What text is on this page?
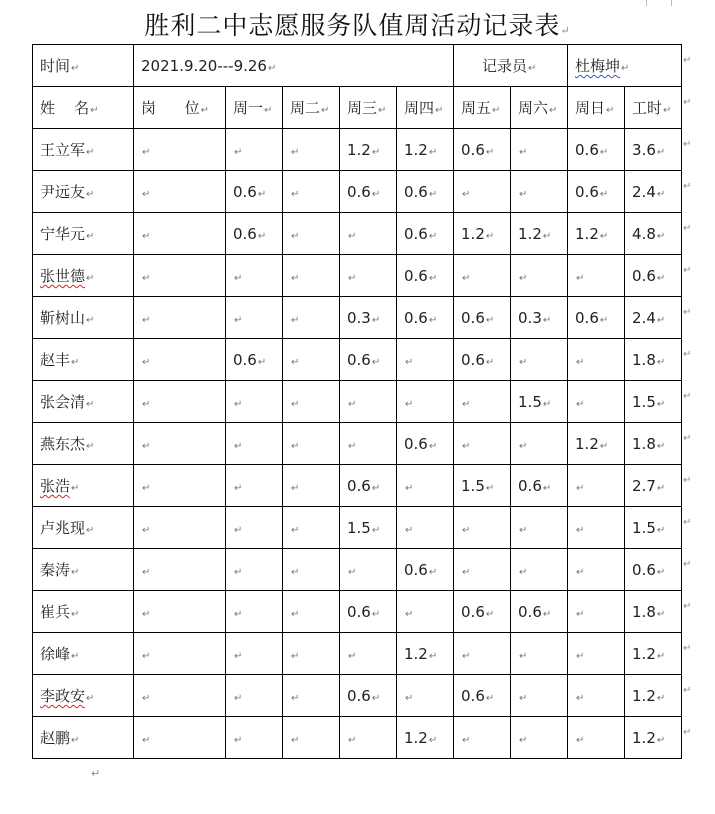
胜利二中志愿服务队值周活动记录表↵
时间↵	2021.9.20---9.26↵					记录员↵		杜梅坤↵	
姓    名↵	岗      位↵	周一↵	周二↵	周三↵	周四↵	周五↵	周六↵	周日↵	工时↵
王立军↵	↵	↵	↵	1.2↵	1.2↵	0.6↵	↵	0.6↵	3.6↵
尹远友↵	↵	0.6↵	↵	0.6↵	0.6↵	↵	↵	0.6↵	2.4↵
宁华元↵	↵	0.6↵	↵	↵	0.6↵	1.2↵	1.2↵	1.2↵	4.8↵
张世德↵	↵	↵	↵	↵	0.6↵	↵	↵	↵	0.6↵
靳树山↵	↵	↵	↵	0.3↵	0.6↵	0.6↵	0.3↵	0.6↵	2.4↵
赵丰↵	↵	0.6↵	↵	0.6↵	↵	0.6↵	↵	↵	1.8↵
张会清↵	↵	↵	↵	↵	↵	↵	1.5↵	↵	1.5↵
燕东杰↵	↵	↵	↵	↵	0.6↵	↵	↵	1.2↵	1.8↵
张浩↵	↵	↵	↵	0.6↵	↵	1.5↵	0.6↵	↵	2.7↵
卢兆现↵	↵	↵	↵	1.5↵	↵	↵	↵	↵	1.5↵
秦涛↵	↵	↵	↵	↵	0.6↵	↵	↵	↵	0.6↵
崔兵↵	↵	↵	↵	0.6↵	↵	0.6↵	0.6↵	↵	1.8↵
徐峰↵	↵	↵	↵	↵	1.2↵	↵	↵	↵	1.2↵
李政安↵	↵	↵	↵	0.6↵	↵	0.6↵	↵	↵	1.2↵
赵鹏↵	↵	↵	↵	↵	1.2↵	↵	↵	↵	1.2↵
↵
↵
↵
↵
↵
↵
↵
↵
↵
↵
↵
↵
↵
↵
↵
↵
↵
↵
